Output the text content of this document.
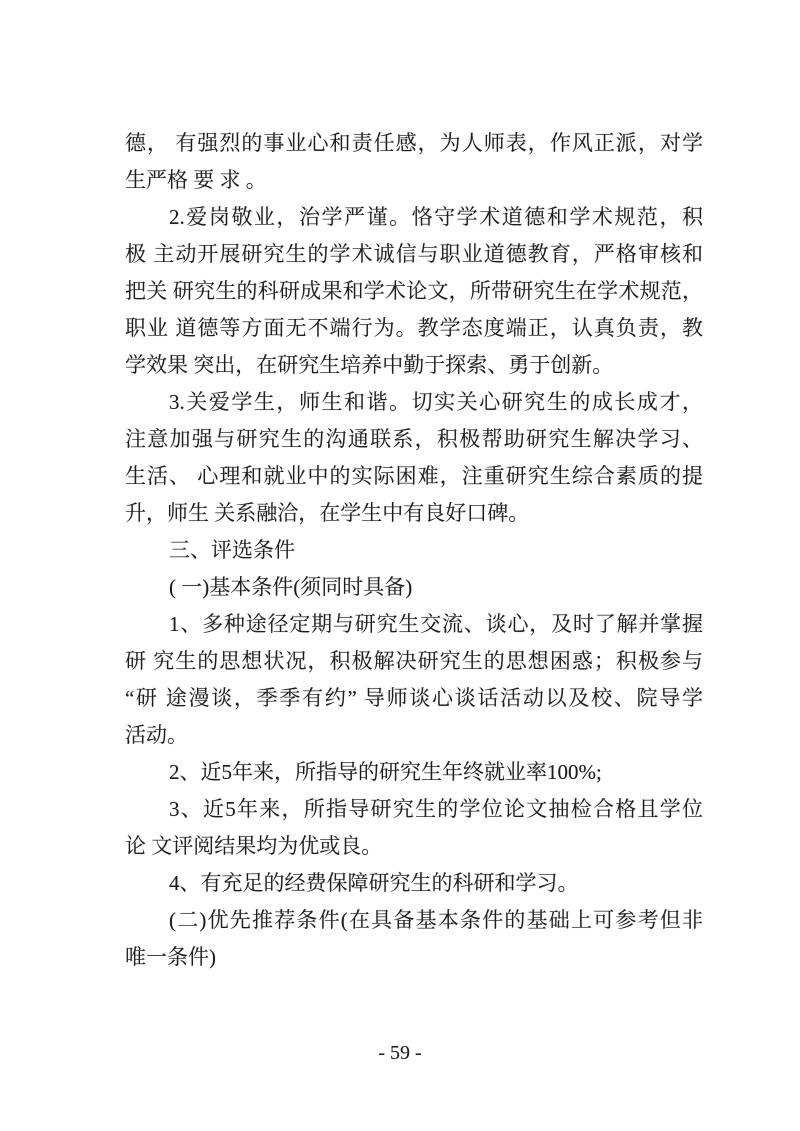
德， 有强烈的事业心和责任感，为人师表，作风正派，对学
生严格 要 求 。
2.爱岗敬业，治学严谨。恪守学术道德和学术规范，积
极 主动开展研究生的学术诚信与职业道德教育，严格审核和
把关 研究生的科研成果和学术论文，所带研究生在学术规范，
职业 道德等方面无不端行为。教学态度端正，认真负责，教
学效果 突出，在研究生培养中勤于探索、勇于创新。
3.关爱学生，师生和谐。切实关心研究生的成长成才，
注意加强与研究生的沟通联系，积极帮助研究生解决学习、
生活、 心理和就业中的实际困难，注重研究生综合素质的提
升，师生 关系融洽，在学生中有良好口碑。
三、评选条件
( 一)基本条件(须同时具备)
1、多种途径定期与研究生交流、谈心，及时了解并掌握
研 究生的思想状况，积极解决研究生的思想困惑；积极参与
“研 途漫谈，季季有约” 导师谈心谈话活动以及校、院导学
活动。
2、近5年来，所指导的研究生年终就业率100%;
3、近5年来，所指导研究生的学位论文抽检合格且学位
论 文评阅结果均为优或良。
4、有充足的经费保障研究生的科研和学习。
(二)优先推荐条件(在具备基本条件的基础上可参考但非
唯一条件)
- 59 -
